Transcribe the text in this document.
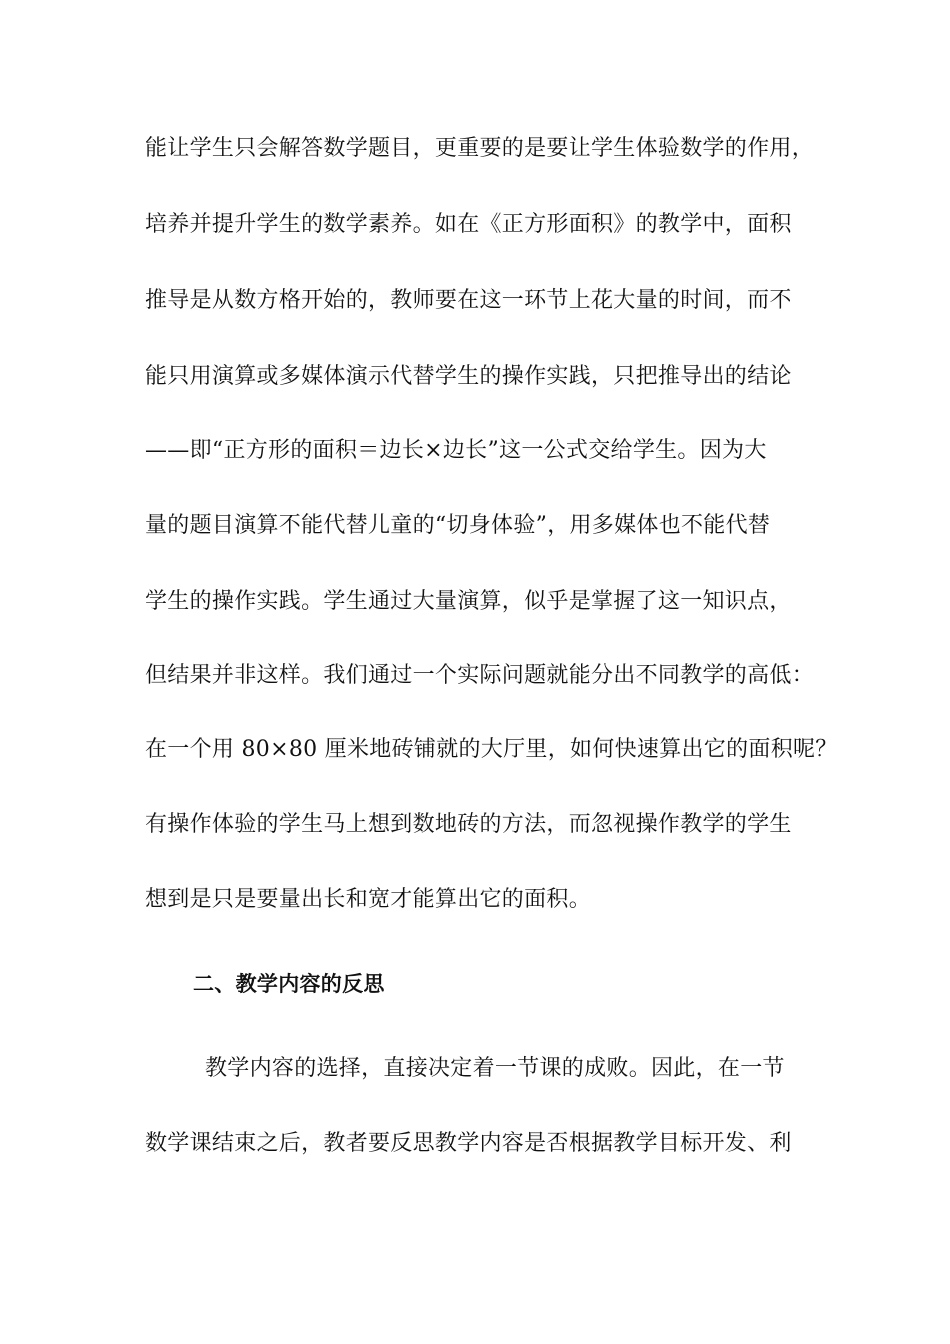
能让学生只会解答数学题目，更重要的是要让学生体验数学的作用，
培养并提升学生的数学素养。如在《正方形面积》的教学中，面积
推导是从数方格开始的，教师要在这一环节上花大量的时间，而不
能只用演算或多媒体演示代替学生的操作实践，只把推导出的结论
——即“正方形的面积＝边长×边长”这一公式交给学生。因为大
量的题目演算不能代替儿童的“切身体验”，用多媒体也不能代替
学生的操作实践。学生通过大量演算，似乎是掌握了这一知识点，
但结果并非这样。我们通过一个实际问题就能分出不同教学的高低：
在一个用 80×80 厘米地砖铺就的大厅里，如何快速算出它的面积呢？
有操作体验的学生马上想到数地砖的方法，而忽视操作教学的学生
想到是只是要量出长和宽才能算出它的面积。
二、教学内容的反思
教学内容的选择，直接决定着一节课的成败。因此，在一节
数学课结束之后，教者要反思教学内容是否根据教学目标开发、利
